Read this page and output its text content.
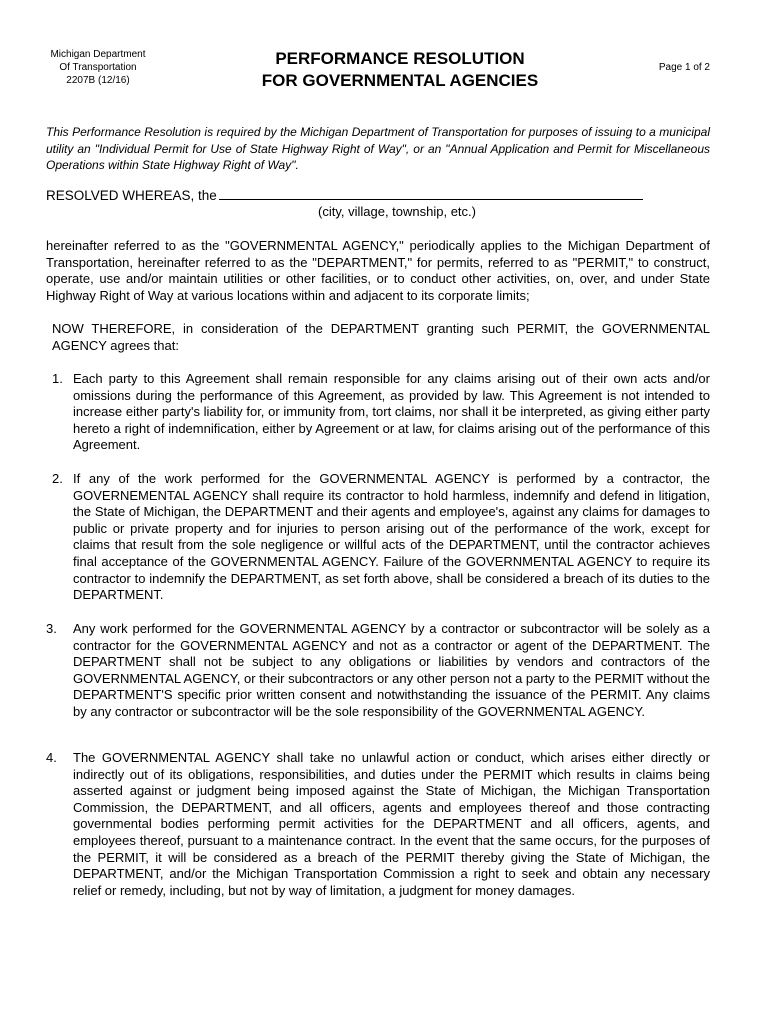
Michigan Department
Of Transportation
2207B (12/16)
PERFORMANCE RESOLUTION
FOR GOVERNMENTAL AGENCIES
Page 1 of 2
This Performance Resolution is required by the Michigan Department of Transportation for purposes of issuing to a municipal utility an "Individual Permit for Use of State Highway Right of Way", or an "Annual Application and Permit for Miscellaneous Operations within State Highway Right of Way".
RESOLVED WHEREAS, the
(city, village, township, etc.)
hereinafter referred to as the "GOVERNMENTAL AGENCY," periodically applies to the Michigan Department of Transportation, hereinafter referred to as the "DEPARTMENT," for permits, referred to as "PERMIT," to construct, operate, use and/or maintain utilities or other facilities, or to conduct other activities, on, over, and under State Highway Right of Way at various locations within and adjacent to its corporate limits;
NOW THEREFORE, in consideration of the DEPARTMENT granting such PERMIT, the GOVERNMENTAL AGENCY agrees that:
1. Each party to this Agreement shall remain responsible for any claims arising out of their own acts and/or omissions during the performance of this Agreement, as provided by law. This Agreement is not intended to increase either party's liability for, or immunity from, tort claims, nor shall it be interpreted, as giving either party hereto a right of indemnification, either by Agreement or at law, for claims arising out of the performance of this Agreement.
2. If any of the work performed for the GOVERNMENTAL AGENCY is performed by a contractor, the GOVERNEMENTAL AGENCY shall require its contractor to hold harmless, indemnify and defend in litigation, the State of Michigan, the DEPARTMENT and their agents and employee's, against any claims for damages to public or private property and for injuries to person arising out of the performance of the work, except for claims that result from the sole negligence or willful acts of the DEPARTMENT, until the contractor achieves final acceptance of the GOVERNMENTAL AGENCY. Failure of the GOVERNMENTAL AGENCY to require its contractor to indemnify the DEPARTMENT, as set forth above, shall be considered a breach of its duties to the DEPARTMENT.
3. Any work performed for the GOVERNMENTAL AGENCY by a contractor or subcontractor will be solely as a contractor for the GOVERNMENTAL AGENCY and not as a contractor or agent of the DEPARTMENT. The DEPARTMENT shall not be subject to any obligations or liabilities by vendors and contractors of the GOVERNMENTAL AGENCY, or their subcontractors or any other person not a party to the PERMIT without the DEPARTMENT'S specific prior written consent and notwithstanding the issuance of the PERMIT. Any claims by any contractor or subcontractor will be the sole responsibility of the GOVERNMENTAL AGENCY.
4. The GOVERNMENTAL AGENCY shall take no unlawful action or conduct, which arises either directly or indirectly out of its obligations, responsibilities, and duties under the PERMIT which results in claims being asserted against or judgment being imposed against the State of Michigan, the Michigan Transportation Commission, the DEPARTMENT, and all officers, agents and employees thereof and those contracting governmental bodies performing permit activities for the DEPARTMENT and all officers, agents, and employees thereof, pursuant to a maintenance contract. In the event that the same occurs, for the purposes of the PERMIT, it will be considered as a breach of the PERMIT thereby giving the State of Michigan, the DEPARTMENT, and/or the Michigan Transportation Commission a right to seek and obtain any necessary relief or remedy, including, but not by way of limitation, a judgment for money damages.
